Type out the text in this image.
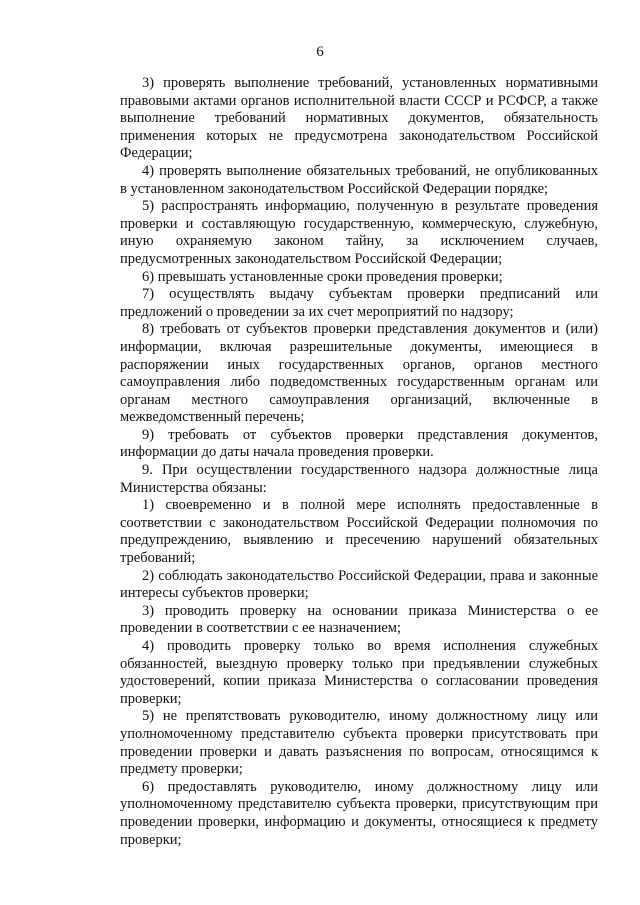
6

3) проверять выполнение требований, установленных нормативными правовыми актами органов исполнительной власти СССР и РСФСР, а также выполнение требований нормативных документов, обязательность применения которых не предусмотрена законодательством Российской Федерации;

4) проверять выполнение обязательных требований, не опубликованных в установленном законодательством Российской Федерации порядке;

5) распространять информацию, полученную в результате проведения проверки и составляющую государственную, коммерческую, служебную, иную охраняемую законом тайну, за исключением случаев, предусмотренных законодательством Российской Федерации;

6) превышать установленные сроки проведения проверки;

7) осуществлять выдачу субъектам проверки предписаний или предложений о проведении за их счет мероприятий по надзору;

8) требовать от субъектов проверки представления документов и (или) информации, включая разрешительные документы, имеющиеся в распоряжении иных государственных органов, органов местного самоуправления либо подведомственных государственным органам или органам местного самоуправления организаций, включенные в межведомственный перечень;

9) требовать от субъектов проверки представления документов, информации до даты начала проведения проверки.

9. При осуществлении государственного надзора должностные лица Министерства обязаны:

1) своевременно и в полной мере исполнять предоставленные в соответствии с законодательством Российской Федерации полномочия по предупреждению, выявлению и пресечению нарушений обязательных требований;

2) соблюдать законодательство Российской Федерации, права и законные интересы субъектов проверки;

3) проводить проверку на основании приказа Министерства о ее проведении в соответствии с ее назначением;

4) проводить проверку только во время исполнения служебных обязанностей, выездную проверку только при предъявлении служебных удостоверений, копии приказа Министерства о согласовании проведения проверки;

5) не препятствовать руководителю, иному должностному лицу или уполномоченному представителю субъекта проверки присутствовать при проведении проверки и давать разъяснения по вопросам, относящимся к предмету проверки;

6) предоставлять руководителю, иному должностному лицу или уполномоченному представителю субъекта проверки, присутствующим при проведении проверки, информацию и документы, относящиеся к предмету проверки;
